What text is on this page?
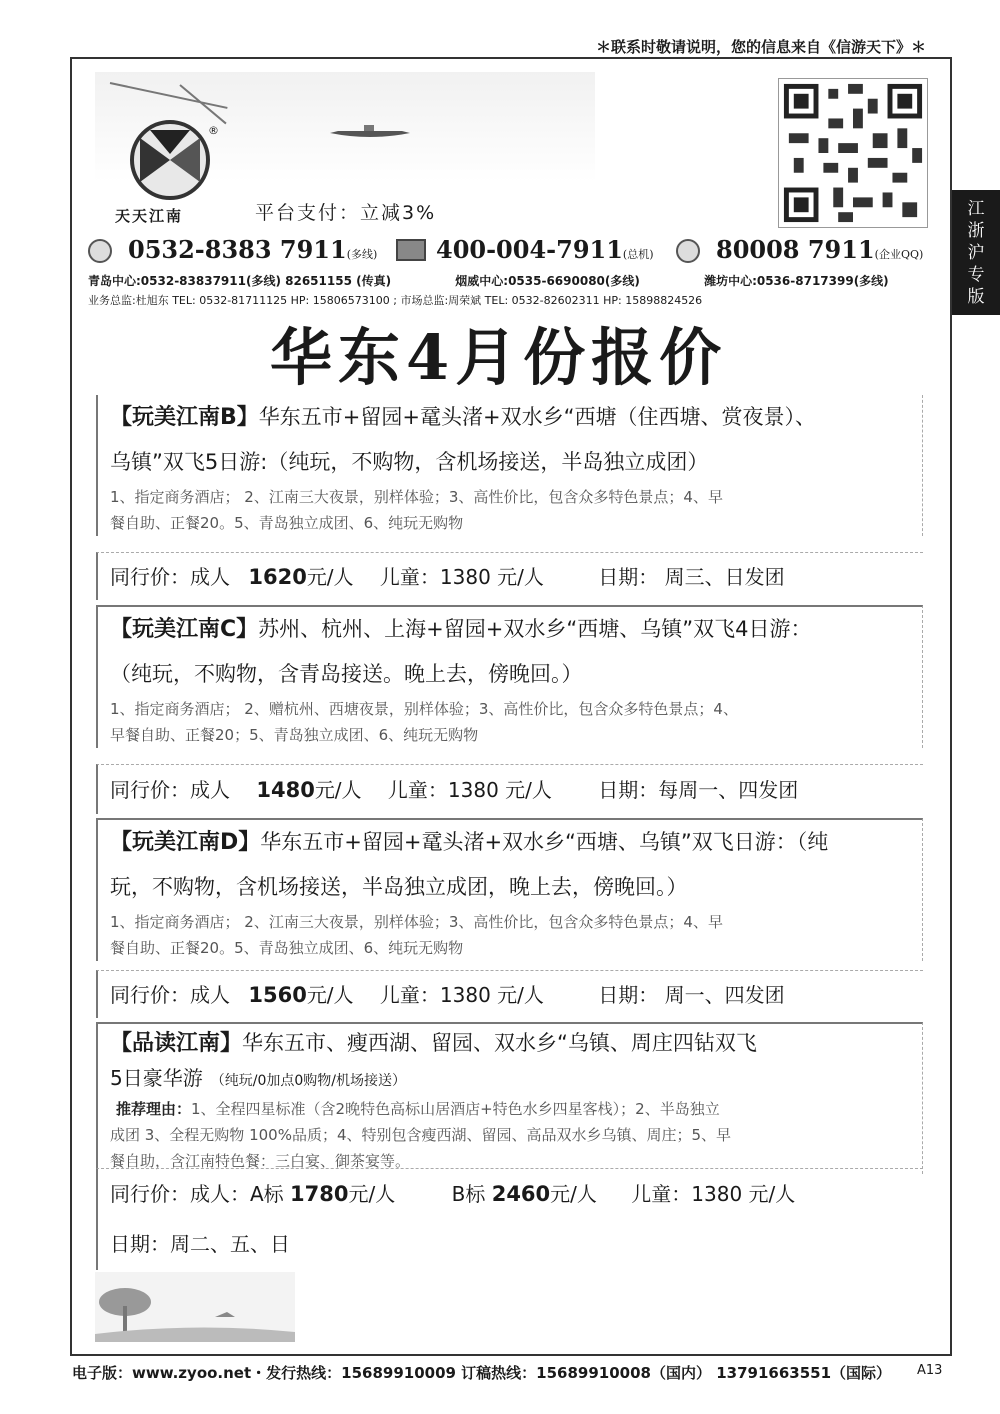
＊联系时敬请说明，您的信息来自《信游天下》＊
江
浙
沪
专
版
®
天天江南	平台支付：立减3%
0532-8383 7911(多线) 400-004-7911(总机)	80008 7911(企业QQ)
青岛中心:0532-83837911(多线) 82651155 (传真)	烟威中心:0535-6690080(多线)	潍坊中心:0536-8717399(多线)
业务总监:杜旭东 TEL: 0532-81711125 HP: 15806573100 ; 市场总监:周荣斌 TEL: 0532-82602311 HP: 15898824526
华东4月份报价
【玩美江南B】华东五市+留园+鼋头渚+双水乡“西塘（住西塘、赏夜景）、
乌镇”双飞5日游:（纯玩，不购物，含机场接送，半岛独立成团）
1、指定商务酒店； 2、江南三大夜景，别样体验；3、高性价比，包含众多特色景点；4、早
餐自助、正餐20。5、青岛独立成团、6、纯玩无购物
同行价：成人 1620元/人 儿童：1380 元/人	日期： 周三、日发团
【玩美江南C】苏州、杭州、上海+留园+双水乡“西塘、乌镇”双飞4日游：
（纯玩，不购物，含青岛接送。晚上去，傍晚回。）
1、指定商务酒店； 2、赠杭州、西塘夜景，别样体验；3、高性价比，包含众多特色景点；4、
早餐自助、正餐20；5、青岛独立成团、6、纯玩无购物
同行价：成人 1480元/人 儿童：1380 元/人 日期：每周一、四发团
【玩美江南D】华东五市+留园+鼋头渚+双水乡“西塘、乌镇”双飞日游：（纯
玩，不购物，含机场接送，半岛独立成团，晚上去，傍晚回。）
1、指定商务酒店； 2、江南三大夜景，别样体验；3、高性价比，包含众多特色景点；4、早
餐自助、正餐20。5、青岛独立成团、6、纯玩无购物
同行价：成人 1560元/人 儿童：1380 元/人	日期： 周一、四发团
【品读江南】华东五市、瘦西湖、留园、双水乡“乌镇、周庄四钻双飞
5日豪华游 （纯玩/0加点0购物/机场接送）
推荐理由：1、全程四星标准（含2晚特色高标山居酒店+特色水乡四星客栈）；2、半岛独立
成团 3、全程无购物 100%品质；4、特别包含瘦西湖、留园、高品双水乡乌镇、周庄；5、早
餐自助，含江南特色餐：三白宴、御茶宴等。
同行价：成人：A标 1780元/人	B标 2460元/人 儿童：1380 元/人
日期：周二、五、日
电子版：www.zyoo.net・发行热线：15689910009 订稿热线：15689910008（国内） 13791663551（国际） A13
